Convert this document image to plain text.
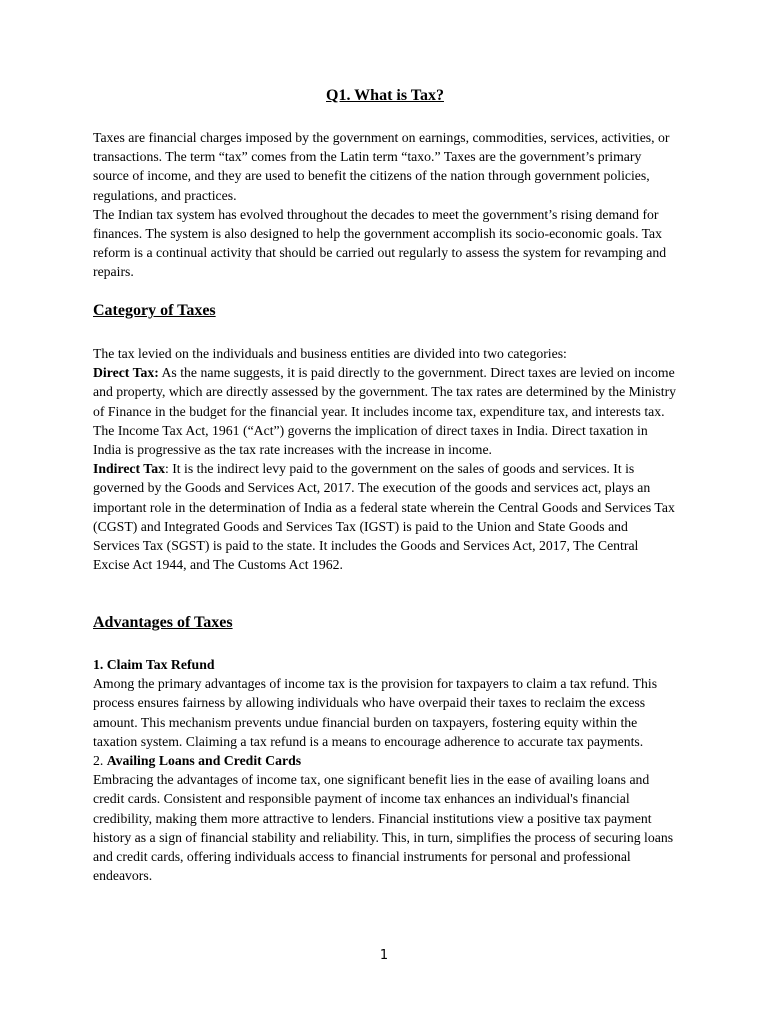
Q1. What is Tax?

Taxes are financial charges imposed by the government on earnings, commodities, services, activities, or transactions. The term “tax” comes from the Latin term “taxo.” Taxes are the government’s primary source of income, and they are used to benefit the citizens of the nation through government policies, regulations, and practices.

The Indian tax system has evolved throughout the decades to meet the government’s rising demand for finances. The system is also designed to help the government accomplish its socio-economic goals. Tax reform is a continual activity that should be carried out regularly to assess the system for revamping and repairs.

Category of Taxes

The tax levied on the individuals and business entities are divided into two categories:

Direct Tax: As the name suggests, it is paid directly to the government. Direct taxes are levied on income and property, which are directly assessed by the government. The tax rates are determined by the Ministry of Finance in the budget for the financial year. It includes income tax, expenditure tax, and interests tax. The Income Tax Act, 1961 (“Act”) governs the implication of direct taxes in India. Direct taxation in India is progressive as the tax rate increases with the increase in income.

Indirect Tax: It is the indirect levy paid to the government on the sales of goods and services. It is governed by the Goods and Services Act, 2017. The execution of the goods and services act, plays an important role in the determination of India as a federal state wherein the Central Goods and Services Tax (CGST) and Integrated Goods and Services Tax (IGST) is paid to the Union and State Goods and Services Tax (SGST) is paid to the state. It includes the Goods and Services Act, 2017, The Central Excise Act 1944, and The Customs Act 1962.

Advantages of Taxes

1. Claim Tax Refund

Among the primary advantages of income tax is the provision for taxpayers to claim a tax refund. This process ensures fairness by allowing individuals who have overpaid their taxes to reclaim the excess amount. This mechanism prevents undue financial burden on taxpayers, fostering equity within the taxation system. Claiming a tax refund is a means to encourage adherence to accurate tax payments.

2. Availing Loans and Credit Cards

Embracing the advantages of income tax, one significant benefit lies in the ease of availing loans and credit cards. Consistent and responsible payment of income tax enhances an individual's financial credibility, making them more attractive to lenders. Financial institutions view a positive tax payment history as a sign of financial stability and reliability. This, in turn, simplifies the process of securing loans and credit cards, offering individuals access to financial instruments for personal and professional endeavors.

1
